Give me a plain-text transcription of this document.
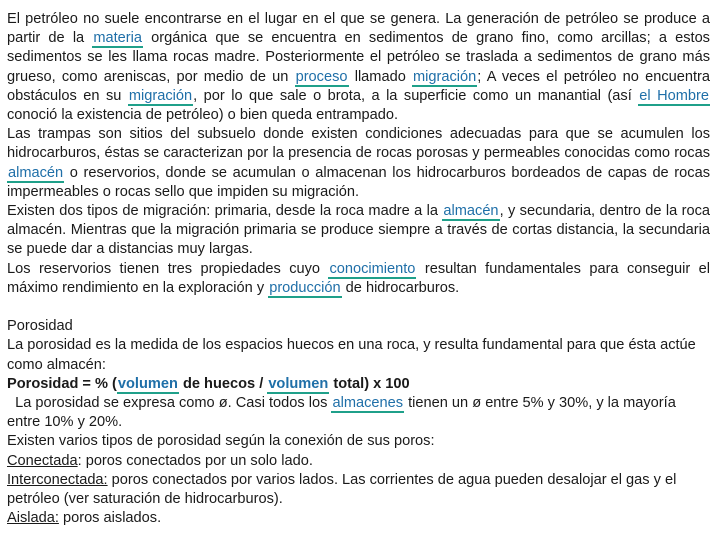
El petróleo no suele encontrarse en el lugar en el que se genera. La generación de petróleo se produce a partir de la materia orgánica que se encuentra en sedimentos de grano fino, como arcillas; a estos sedimentos se les llama rocas madre. Posteriormente el petróleo se traslada a sedimentos de grano más grueso, como areniscas, por medio de un proceso llamado migración; A veces el petróleo no encuentra obstáculos en su migración, por lo que sale o brota, a la superficie como un manantial (así el Hombre conoció la existencia de petróleo) o bien queda entrampado.

Las trampas son sitios del subsuelo donde existen condiciones adecuadas para que se acumulen los hidrocarburos, éstas se caracterizan por la presencia de rocas porosas y permeables conocidas como rocas almacén o reservorios, donde se acumulan o almacenan los hidrocarburos bordeados de capas de rocas impermeables o rocas sello que impiden su migración.

Existen dos tipos de migración: primaria, desde la roca madre a la almacén, y secundaria, dentro de la roca almacén. Mientras que la migración primaria se produce siempre a través de cortas distancia, la secundaria se puede dar a distancias muy largas.

Los reservorios tienen tres propiedades cuyo conocimiento resultan fundamentales para conseguir el máximo rendimiento en la exploración y producción de hidrocarburos.

Porosidad

La porosidad es la medida de los espacios huecos en una roca, y resulta fundamental para que ésta actúe como almacén:

Porosidad = % (volumen de huecos / volumen total) x 100

La porosidad se expresa como ø. Casi todos los almacenes tienen un ø entre 5% y 30%, y la mayoría entre 10% y 20%.

Existen varios tipos de porosidad según la conexión de sus poros:

Conectada: poros conectados por un solo lado.

Interconectada: poros conectados por varios lados. Las corrientes de agua pueden desalojar el gas y el petróleo (ver saturación de hidrocarburos).

Aislada: poros aislados.
